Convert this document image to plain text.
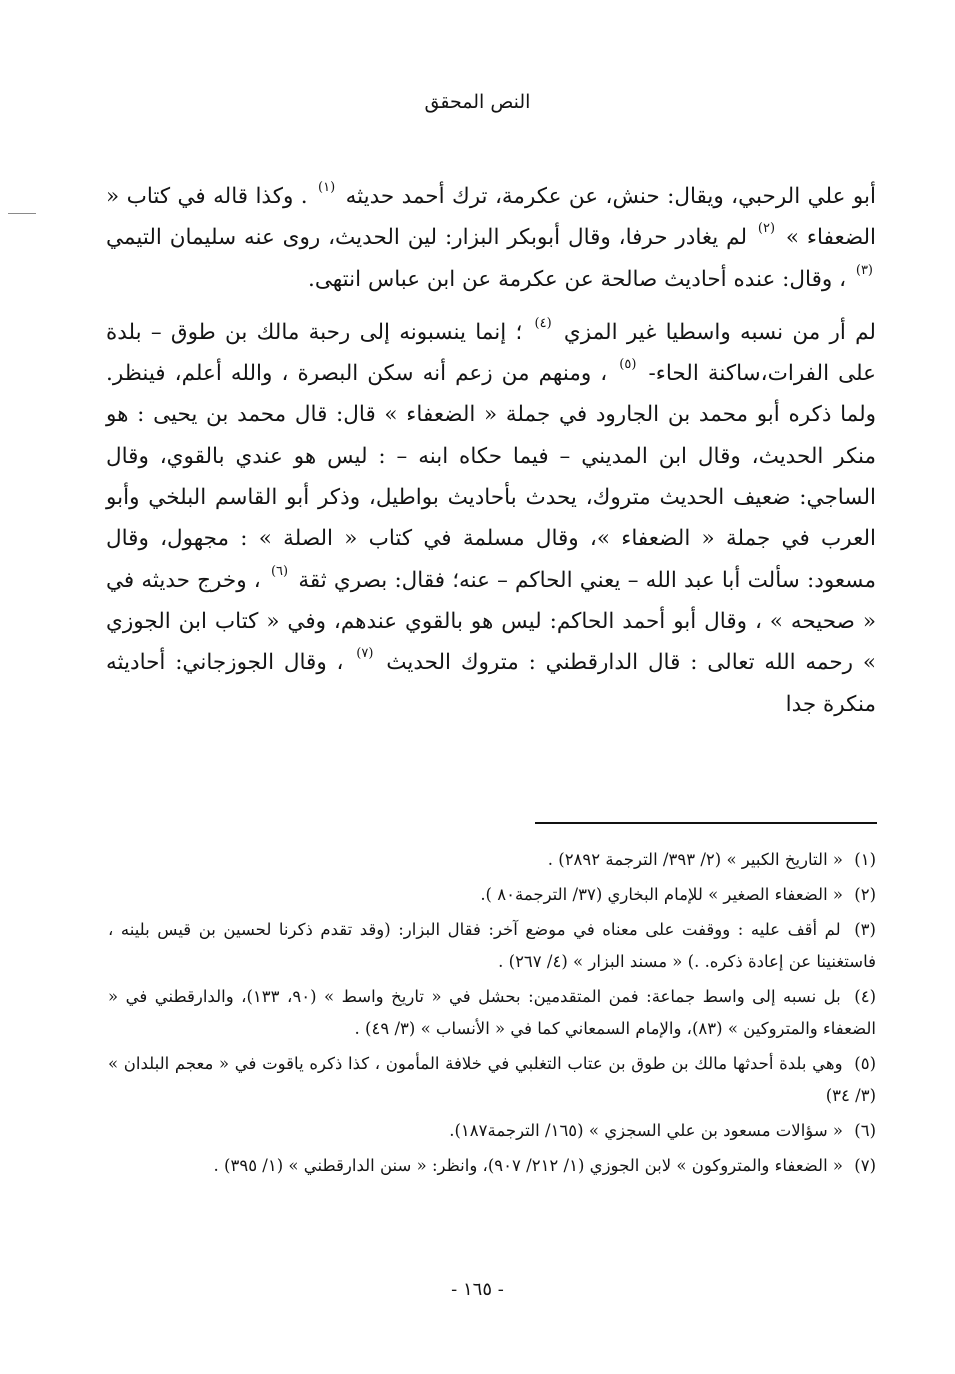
النص المحقق

أبو علي الرحبي، ويقال: حنش، عن عكرمة، ترك أحمد حديثه (١) . وكذا قاله في كتاب « الضعفاء » (٢) لم يغادر حرفا، وقال أبوبكر البزار: لين الحديث، روى عنه سليمان التيمي (٣) ، وقال: عنده أحاديث صالحة عن عكرمة عن ابن عباس انتهى.

لم أر من نسبه واسطيا غير المزي (٤) ؛ إنما ينسبونه إلى رحبة مالك بن طوق – بلدة على الفرات،ساكنة الحاء- (٥) ، ومنهم من زعم أنه سكن البصرة ، والله أعلم، فينظر. ولما ذكره أبو محمد بن الجارود في جملة « الضعفاء » قال: قال محمد بن يحيى : هو منكر الحديث، وقال ابن المديني – فيما حكاه ابنه – : ليس هو عندي بالقوي، وقال الساجي: ضعيف الحديث متروك، يحدث بأحاديث بواطيل، وذكر أبو القاسم البلخي وأبو العرب في جملة « الضعفاء »، وقال مسلمة في كتاب « الصلة » : مجهول، وقال مسعود: سألت أبا عبد الله – يعني الحاكم – عنه؛ فقال: بصري ثقة (٦) ، وخرج حديثه في « صحيحه » ، وقال أبو أحمد الحاكم: ليس هو بالقوي عندهم، وفي « كتاب ابن الجوزي » رحمه الله تعالى : قال الدارقطني : متروك الحديث (٧) ، وقال الجوزجاني: أحاديثه منكرة جدا

(١) « التاريخ الكبير » (٢/ ٣٩٣/ الترجمة ٢٨٩٢) .
(٢) « الضعفاء الصغير » للإمام البخاري (٣٧/ الترجمة٨٠ ).
(٣) لم أقف عليه : ووقفت على معناه في موضع آخر: فقال البزار: (وقد تقدم ذكرنا لحسين بن قيس بلينه ، فاستغنينا عن إعادة ذكره. .) « مسند البزار » (٤/ ٢٦٧) .
(٤) بل نسبه إلى واسط جماعة: فمن المتقدمين: بحشل في « تاريخ واسط » (٩٠، ١٣٣)، والدارقطني في « الضعفاء والمتروكين » (٨٣)، والإمام السمعاني كما في « الأنساب » (٣/ ٤٩) .
(٥) وهي بلدة أحدثها مالك بن طوق بن عتاب التغلبي في خلافة المأمون ، كذا ذكره ياقوت في « معجم البلدان » (٣/ ٣٤)
(٦) « سؤالات مسعود بن علي السجزي » (١٦٥/ الترجمة١٨٧).
(٧) « الضعفاء والمتروكون » لابن الجوزي (١/ ٢١٢/ ٩٠٧)، وانظر: « سنن الدارقطني » (١/ ٣٩٥) .
- ١٦٥ -
